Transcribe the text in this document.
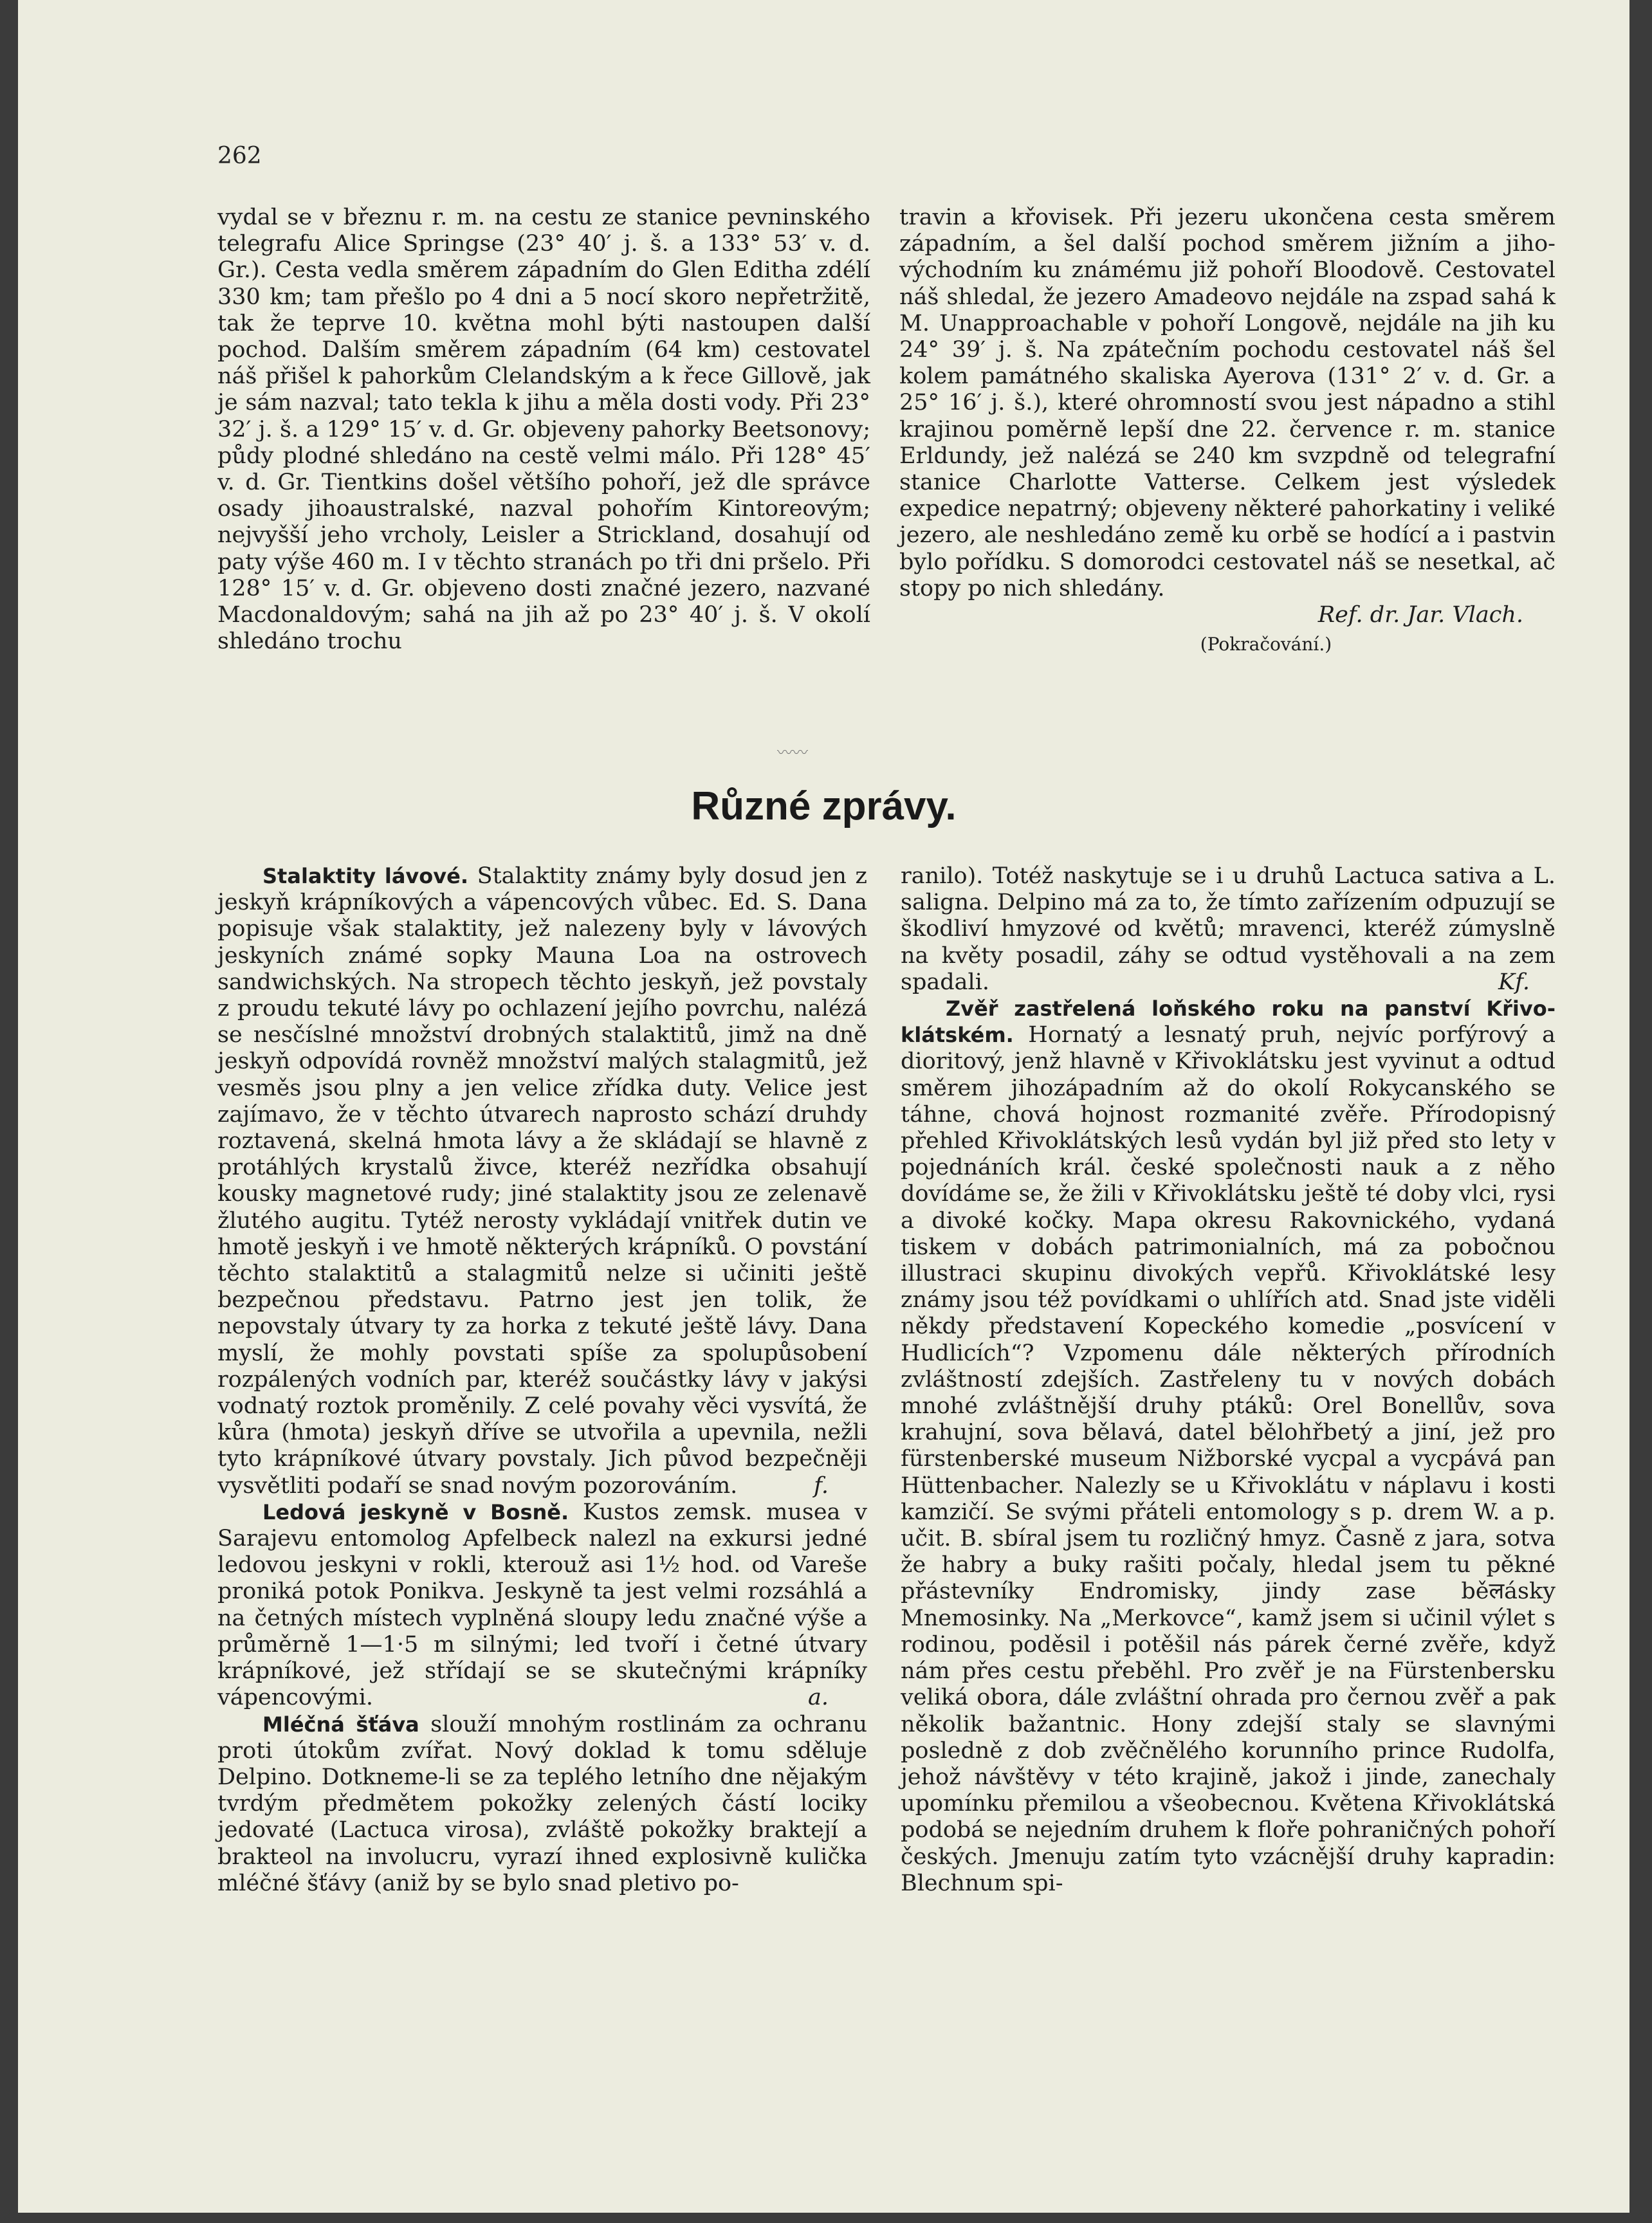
262

vydal se v březnu r. m. na cestu ze stanice pevninského telegrafu Alice Springse (23° 40′ j. š. a 133° 53′ v. d. Gr.). Cesta vedla směrem západním do Glen Editha zdélí 330 km; tam přešlo po 4 dni a 5 nocí skoro nepřetržitě, tak že teprve 10. května mohl býti nastoupen další pochod. Dalším směrem západním (64 km) cestovatel náš přišel k pahorkům Clelandským a k řece Gillově, jak je sám nazval; tato tekla k jihu a měla dosti vody. Při 23° 32′ j. š. a 129° 15′ v. d. Gr. objeveny pahorky Beetsonovy; půdy plodné shledáno na cestě velmi málo. Při 128° 45′ v. d. Gr. Tientkins došel většího pohoří, jež dle správce osady jihoaustralské, nazval pohořím Kintoreovým; nejvyšší jeho vrcholy, Leisler a Strickland, dosahují od paty výše 460 m. I v těchto stranách po tři dni pršelo. Při 128° 15′ v. d. Gr. objeveno dosti značné jezero, nazvané Macdonaldovým; sahá na jih až po 23° 40′ j. š. V okolí shledáno trochu

travin a křovisek. Při jezeru ukončena cesta směrem západním, a šel další pochod směrem jižním a jihovýchodním ku známému již pohoří Bloodově. Cestovatel náš shledal, že jezero Amadeovo nejdále na zspad sahá k M. Unapproachable v pohoří Longově, nejdále na jih ku 24° 39′ j. š. Na zpátečním pochodu cestovatel náš šel kolem památného skaliska Ayerova (131° 2′ v. d. Gr. a 25° 16′ j. š.), které ohromností svou jest nápadno a stihl krajinou poměrně lepší dne 22. července r. m. stanice Erldundy, jež nalézá se 240 km svzpdně od telegrafní stanice Charlotte Vatterse. Celkem jest výsledek expedice nepatrný; objeveny některé pahorkatiny i veliké jezero, ale neshledáno země ku orbě se hodící a i pastvin bylo pořídku. S domorodci cestovatel náš se nesetkal, ač stopy po nich shledány.

Ref. dr. Jar. Vlach.

(Pokračování.)

〰〰
Různé zprávy.

Stalaktity lávové. Stalaktity známy byly dosud jen z jeskyň krápníkových a vápencových vůbec. Ed. S. Dana popisuje však stalaktity, jež nalezeny byly v lávových jeskyních známé sopky Mauna Loa na ostrovech sandwichských. Na stropech těchto jeskyň, jež povstaly z proudu tekuté lávy po ochlazení jejího povrchu, nalézá se nesčíslné množství drobných stalaktitů, jimž na dně jeskyň odpovídá rovněž množství malých stalagmitů, jež vesměs jsou plny a jen velice zřídka duty. Velice jest zajímavo, že v těchto útvarech naprosto schází druhdy roztavená, skelná hmota lávy a že skládají se hlavně z protáhlých krystalů živce, kteréž nezřídka obsahují kousky magnetové rudy; jiné stalaktity jsou ze zelenavě žlutého augitu. Tytéž nerosty vykládají vnitřek dutin ve hmotě jeskyň i ve hmotě některých krápníků. O povstání těchto stalaktitů a stalagmitů nelze si učiniti ještě bezpečnou představu. Patrno jest jen tolik, že nepovstaly útvary ty za horka z tekuté ještě lávy. Dana myslí, že mohly povstati spíše za spolupůsobení rozpálených vodních par, kteréž součástky lávy v jakýsi vodnatý roztok proměnily. Z celé povahy věci vysvítá, že kůra (hmota) jeskyň dříve se utvořila a upevnila, nežli tyto krápníkové útvary povstaly. Jich původ bezpečněji vysvětliti podaří se snad novým pozorováním.	f.

Ledová jeskyně v Bosně. Kustos zemsk. musea v Sarajevu entomolog Apfelbeck nalezl na exkursi jedné ledovou jeskyni v rokli, kterouž asi 1½ hod. od Vareše proniká potok Ponikva. Jeskyně ta jest velmi rozsáhlá a na četných místech vyplněná sloupy ledu značné výše a průměrně 1—1·5 m silnými; led tvoří i četné útvary krápníkové, jež střídají se se skutečnými krápníky vápencovými.	a.

Mléčná šťáva slouží mnohým rostlinám za ochranu proti útokům zvířat. Nový doklad k tomu sděluje Delpino. Dotkneme-li se za teplého letního dne nějakým tvrdým předmětem pokožky zelených částí lociky jedovaté (Lactuca virosa), zvláště pokožky braktejí a brakteol na involucru, vyrazí ihned explosivně kulička mléčné šťávy (aniž by se bylo snad pletivo po-

ranilo). Totéž naskytuje se i u druhů Lactuca sativa a L. saligna. Delpino má za to, že tímto zařízením odpuzují se škodliví hmyzové od květů; mravenci, kteréž zúmyslně na květy posadil, záhy se odtud vystěhovali a na zem spadali.	Kf.

Zvěř zastřelená loňského roku na panství Křivoklátském. Hornatý a lesnatý pruh, nejvíc porfýrový a dioritový, jenž hlavně v Křivoklátsku jest vyvinut a odtud směrem jihozápadním až do okolí Rokycanského se táhne, chová hojnost rozmanité zvěře. Přírodopisný přehled Křivoklátských lesů vydán byl již před sto lety v pojednáních král. české společnosti nauk a z něho dovídáme se, že žili v Křivoklátsku ještě té doby vlci, rysi a divoké kočky. Mapa okresu Rakovnického, vydaná tiskem v dobách patrimonialních, má za pobočnou illustraci skupinu divokých vepřů. Křivoklátské lesy známy jsou též povídkami o uhlířích atd. Snad jste viděli někdy představení Kopeckého komedie „posvícení v Hudlicích“? Vzpomenu dále některých přírodních zvláštností zdejších. Zastřeleny tu v nových dobách mnohé zvláštnější druhy ptáků: Orel Bonellův, sova krahujní, sova bělavá, datel bělohřbetý a jiní, jež pro fürstenberské museum Nižborské vycpal a vycpává pan Hüttenbacher. Nalezly se u Křivoklátu v náplavu i kosti kamzičí. Se svými přáteli entomology s p. drem W. a p. učit. B. sbíral jsem tu rozličný hmyz. Časně z jara, sotva že habry a buky rašiti počaly, hledal jsem tu pěkné přástevníky Endromisky, jindy zase běलásky Mnemosinky. Na „Merkovce“, kamž jsem si učinil výlet s rodinou, poděsil i potěšil nás párek černé zvěře, když nám přes cestu přeběhl. Pro zvěř je na Fürstenbersku veliká obora, dále zvláštní ohrada pro černou zvěř a pak několik bažantnic. Hony zdejší staly se slavnými posledně z dob zvěčnělého korunního prince Rudolfa, jehož návštěvy v této krajině, jakož i jinde, zanechaly upomínku přemilou a všeobecnou. Květena Křivoklátská podobá se nejedním druhem k floře pohraničných pohoří českých. Jmenuju zatím tyto vzácnější druhy kapradin: Blechnum spi-
